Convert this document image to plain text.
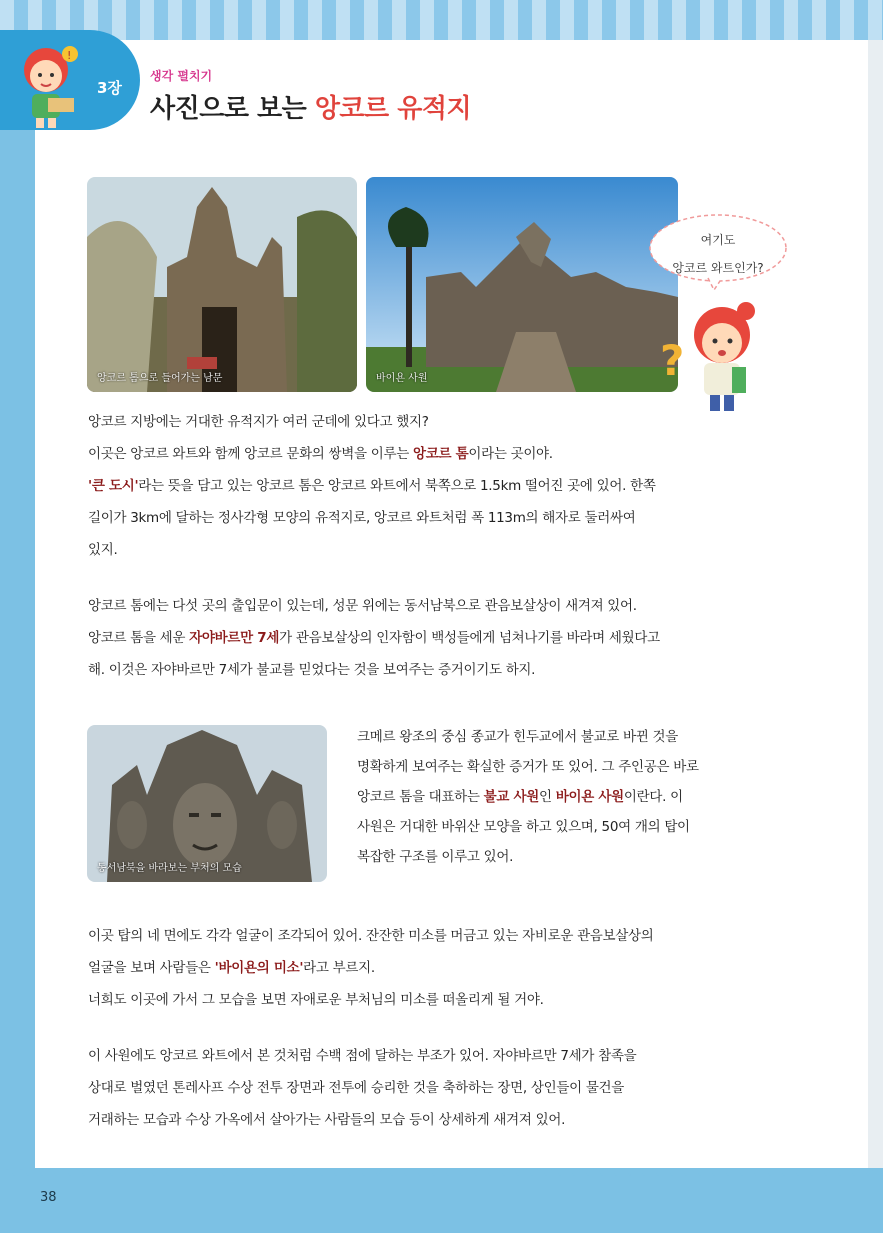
!
3장
생각 펼치기
사진으로 보는 앙코르 유적지
앙코르 톰으로 들어가는 남문	바이욘 사원
여기도
앙코르 와트인가?
?

앙코르 지방에는 거대한 유적지가 여러 군데에 있다고 했지?

이곳은 앙코르 와트와 함께 앙코르 문화의 쌍벽을 이루는 앙코르 톰이라는 곳이야.

'큰 도시'라는 뜻을 담고 있는 앙코르 톰은 앙코르 와트에서 북쪽으로 1.5km 떨어진 곳에 있어. 한쪽

길이가 3km에 달하는 정사각형 모양의 유적지로, 앙코르 와트처럼 폭 113m의 해자로 둘러싸여

있지.

앙코르 톰에는 다섯 곳의 출입문이 있는데, 성문 위에는 동서남북으로 관음보살상이 새겨져 있어.

앙코르 톰을 세운 자야바르만 7세가 관음보살상의 인자함이 백성들에게 넘쳐나기를 바라며 세웠다고

해. 이것은 자야바르만 7세가 불교를 믿었다는 것을 보여주는 증거이기도 하지.

동서남북을 바라보는 부처의 모습

크메르 왕조의 중심 종교가 힌두교에서 불교로 바뀐 것을

명확하게 보여주는 확실한 증거가 또 있어. 그 주인공은 바로

앙코르 톰을 대표하는 불교 사원인 바이욘 사원이란다. 이

사원은 거대한 바위산 모양을 하고 있으며, 50여 개의 탑이

복잡한 구조를 이루고 있어.

이곳 탑의 네 면에도 각각 얼굴이 조각되어 있어. 잔잔한 미소를 머금고 있는 자비로운 관음보살상의

얼굴을 보며 사람들은 '바이욘의 미소'라고 부르지.

너희도 이곳에 가서 그 모습을 보면 자애로운 부처님의 미소를 떠올리게 될 거야.

이 사원에도 앙코르 와트에서 본 것처럼 수백 점에 달하는 부조가 있어. 자야바르만 7세가 참족을

상대로 벌였던 톤레사프 수상 전투 장면과 전투에 승리한 것을 축하하는 장면, 상인들이 물건을

거래하는 모습과 수상 가옥에서 살아가는 사람들의 모습 등이 상세하게 새겨져 있어.

38
